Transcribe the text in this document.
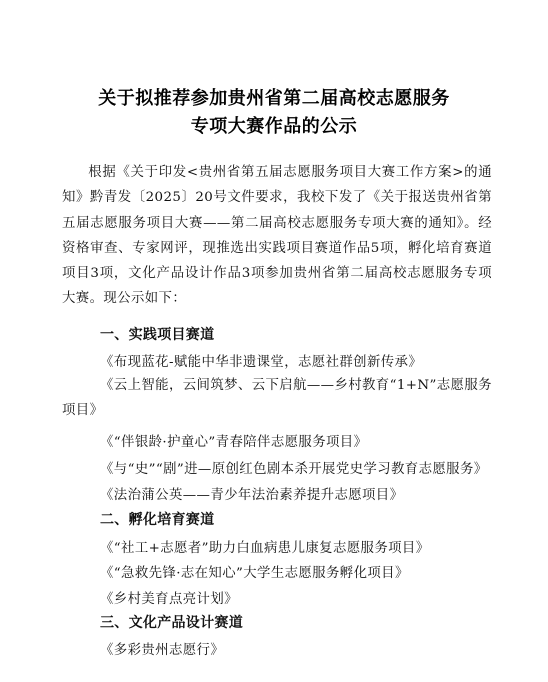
关于拟推荐参加贵州省第二届高校志愿服务
专项大赛作品的公示
根据《关于印发<贵州省第五届志愿服务项目大赛工作方案>的通知》黔青发〔2025〕20号文件要求，我校下发了《关于报送贵州省第五届志愿服务项目大赛——第二届高校志愿服务专项大赛的通知》。经资格审查、专家网评，现推选出实践项目赛道作品5项，孵化培育赛道项目3项，文化产品设计作品3项参加贵州省第二届高校志愿服务专项大赛。现公示如下：
一、实践项目赛道
《布现蓝花-赋能中华非遗课堂，志愿社群创新传承》
《云上智能，云间筑梦、云下启航——乡村教育“1+N”志愿服务项目》
《“伴银龄·护童心”青春陪伴志愿服务项目》
《与“史”“剧”进—原创红色剧本杀开展党史学习教育志愿服务》
《法治蒲公英——青少年法治素养提升志愿项目》
二、孵化培育赛道
《“社工+志愿者”助力白血病患儿康复志愿服务项目》
《“急救先锋·志在知心”大学生志愿服务孵化项目》
《乡村美育点亮计划》
三、文化产品设计赛道
《多彩贵州志愿行》
